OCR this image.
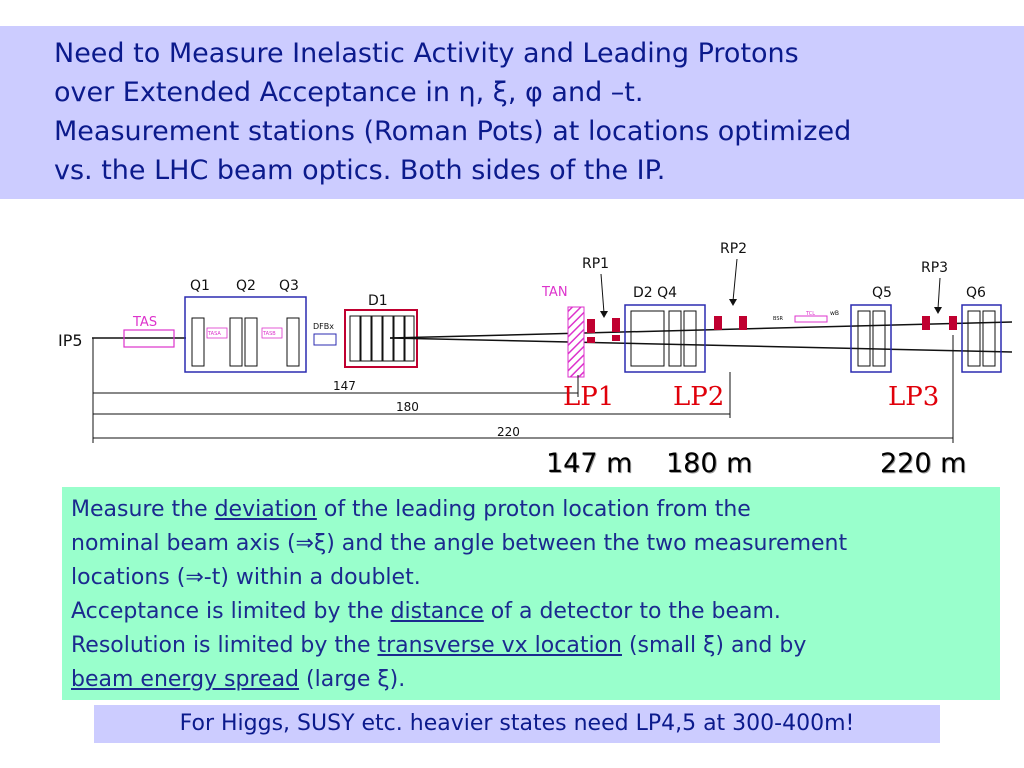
Need to Measure Inelastic Activity and Leading Protons
over Extended Acceptance in η, ξ, φ and –t.
Measurement stations (Roman Pots) at locations optimized
vs. the LHC beam optics. Both sides of the IP.
IP5
TAS
Q1 Q2 Q3
TASA	TASB
DFBx
D1
TAN
RP1
D2 Q4
RP2
BSR
TCL wB
Q5
RP3
Q6
147
180
220
LP1 LP2	LP3
147 m 180 m	220 m
Measure the deviation of the leading proton location from the
nominal beam axis (⇒ξ) and the angle between the two measurement
locations (⇒-t) within a doublet.
Acceptance is limited by the distance of a detector to the beam.
Resolution is limited by the transverse vx location (small ξ) and by
beam energy spread (large ξ).
For Higgs, SUSY etc. heavier states need LP4,5 at 300-400m!
